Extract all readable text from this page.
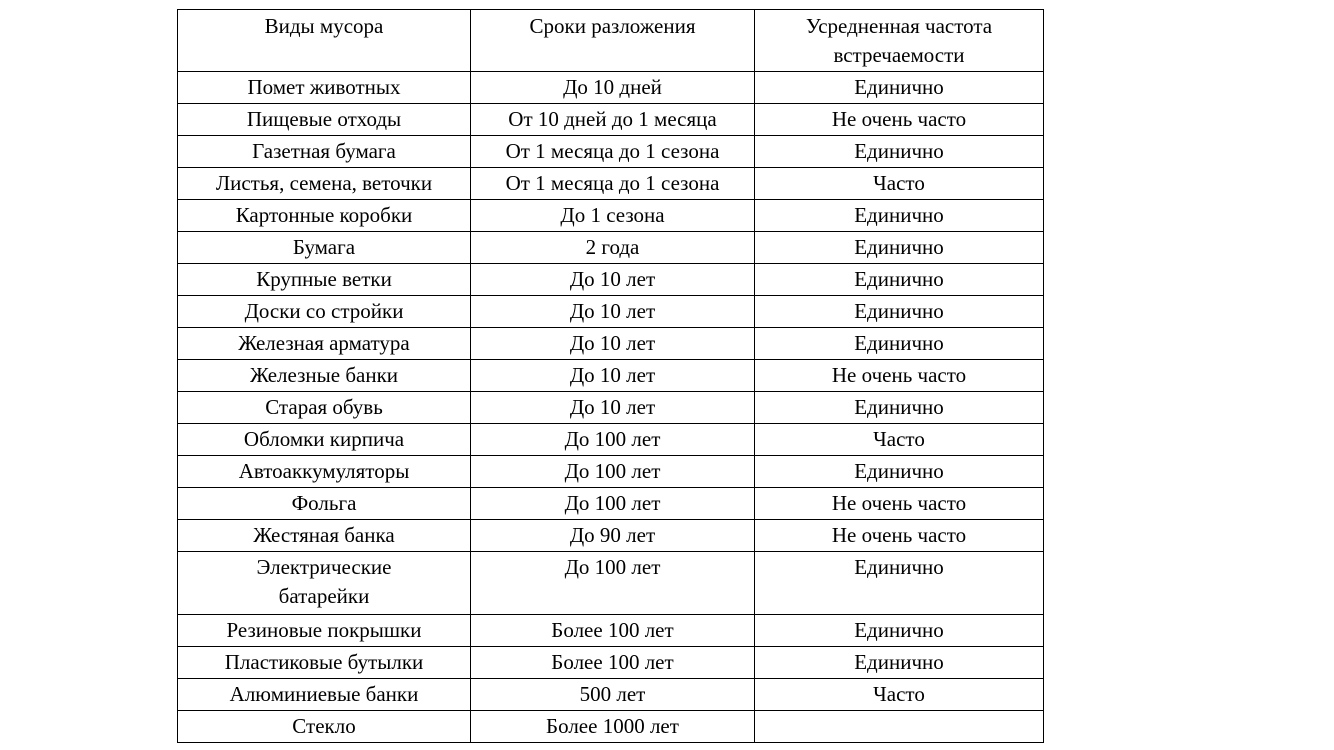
Виды мусора	Сроки разложения	Усредненная частота встречаемости
Помет животных	До 10 дней	Единично
Пищевые отходы	От 10 дней до 1 месяца	Не очень часто
Газетная бумага	От 1 месяца до 1 сезона	Единично
Листья, семена, веточки	От 1 месяца до 1 сезона	Часто
Картонные коробки	До 1 сезона	Единично
Бумага	2 года	Единично
Крупные ветки	До 10 лет	Единично
Доски со стройки	До 10 лет	Единично
Железная арматура	До 10 лет	Единично
Железные банки	До 10 лет	Не очень часто
Старая обувь	До 10 лет	Единично
Обломки кирпича	До 100 лет	Часто
Автоаккумуляторы	До 100 лет	Единично
Фольга	До 100 лет	Не очень часто
Жестяная банка	До 90 лет	Не очень часто
Электрические батарейки	До 100 лет	Единично
Резиновые покрышки	Более 100 лет	Единично
Пластиковые бутылки	Более 100 лет	Единично
Алюминиевые банки	500 лет	Часто
Стекло	Более 1000 лет	
